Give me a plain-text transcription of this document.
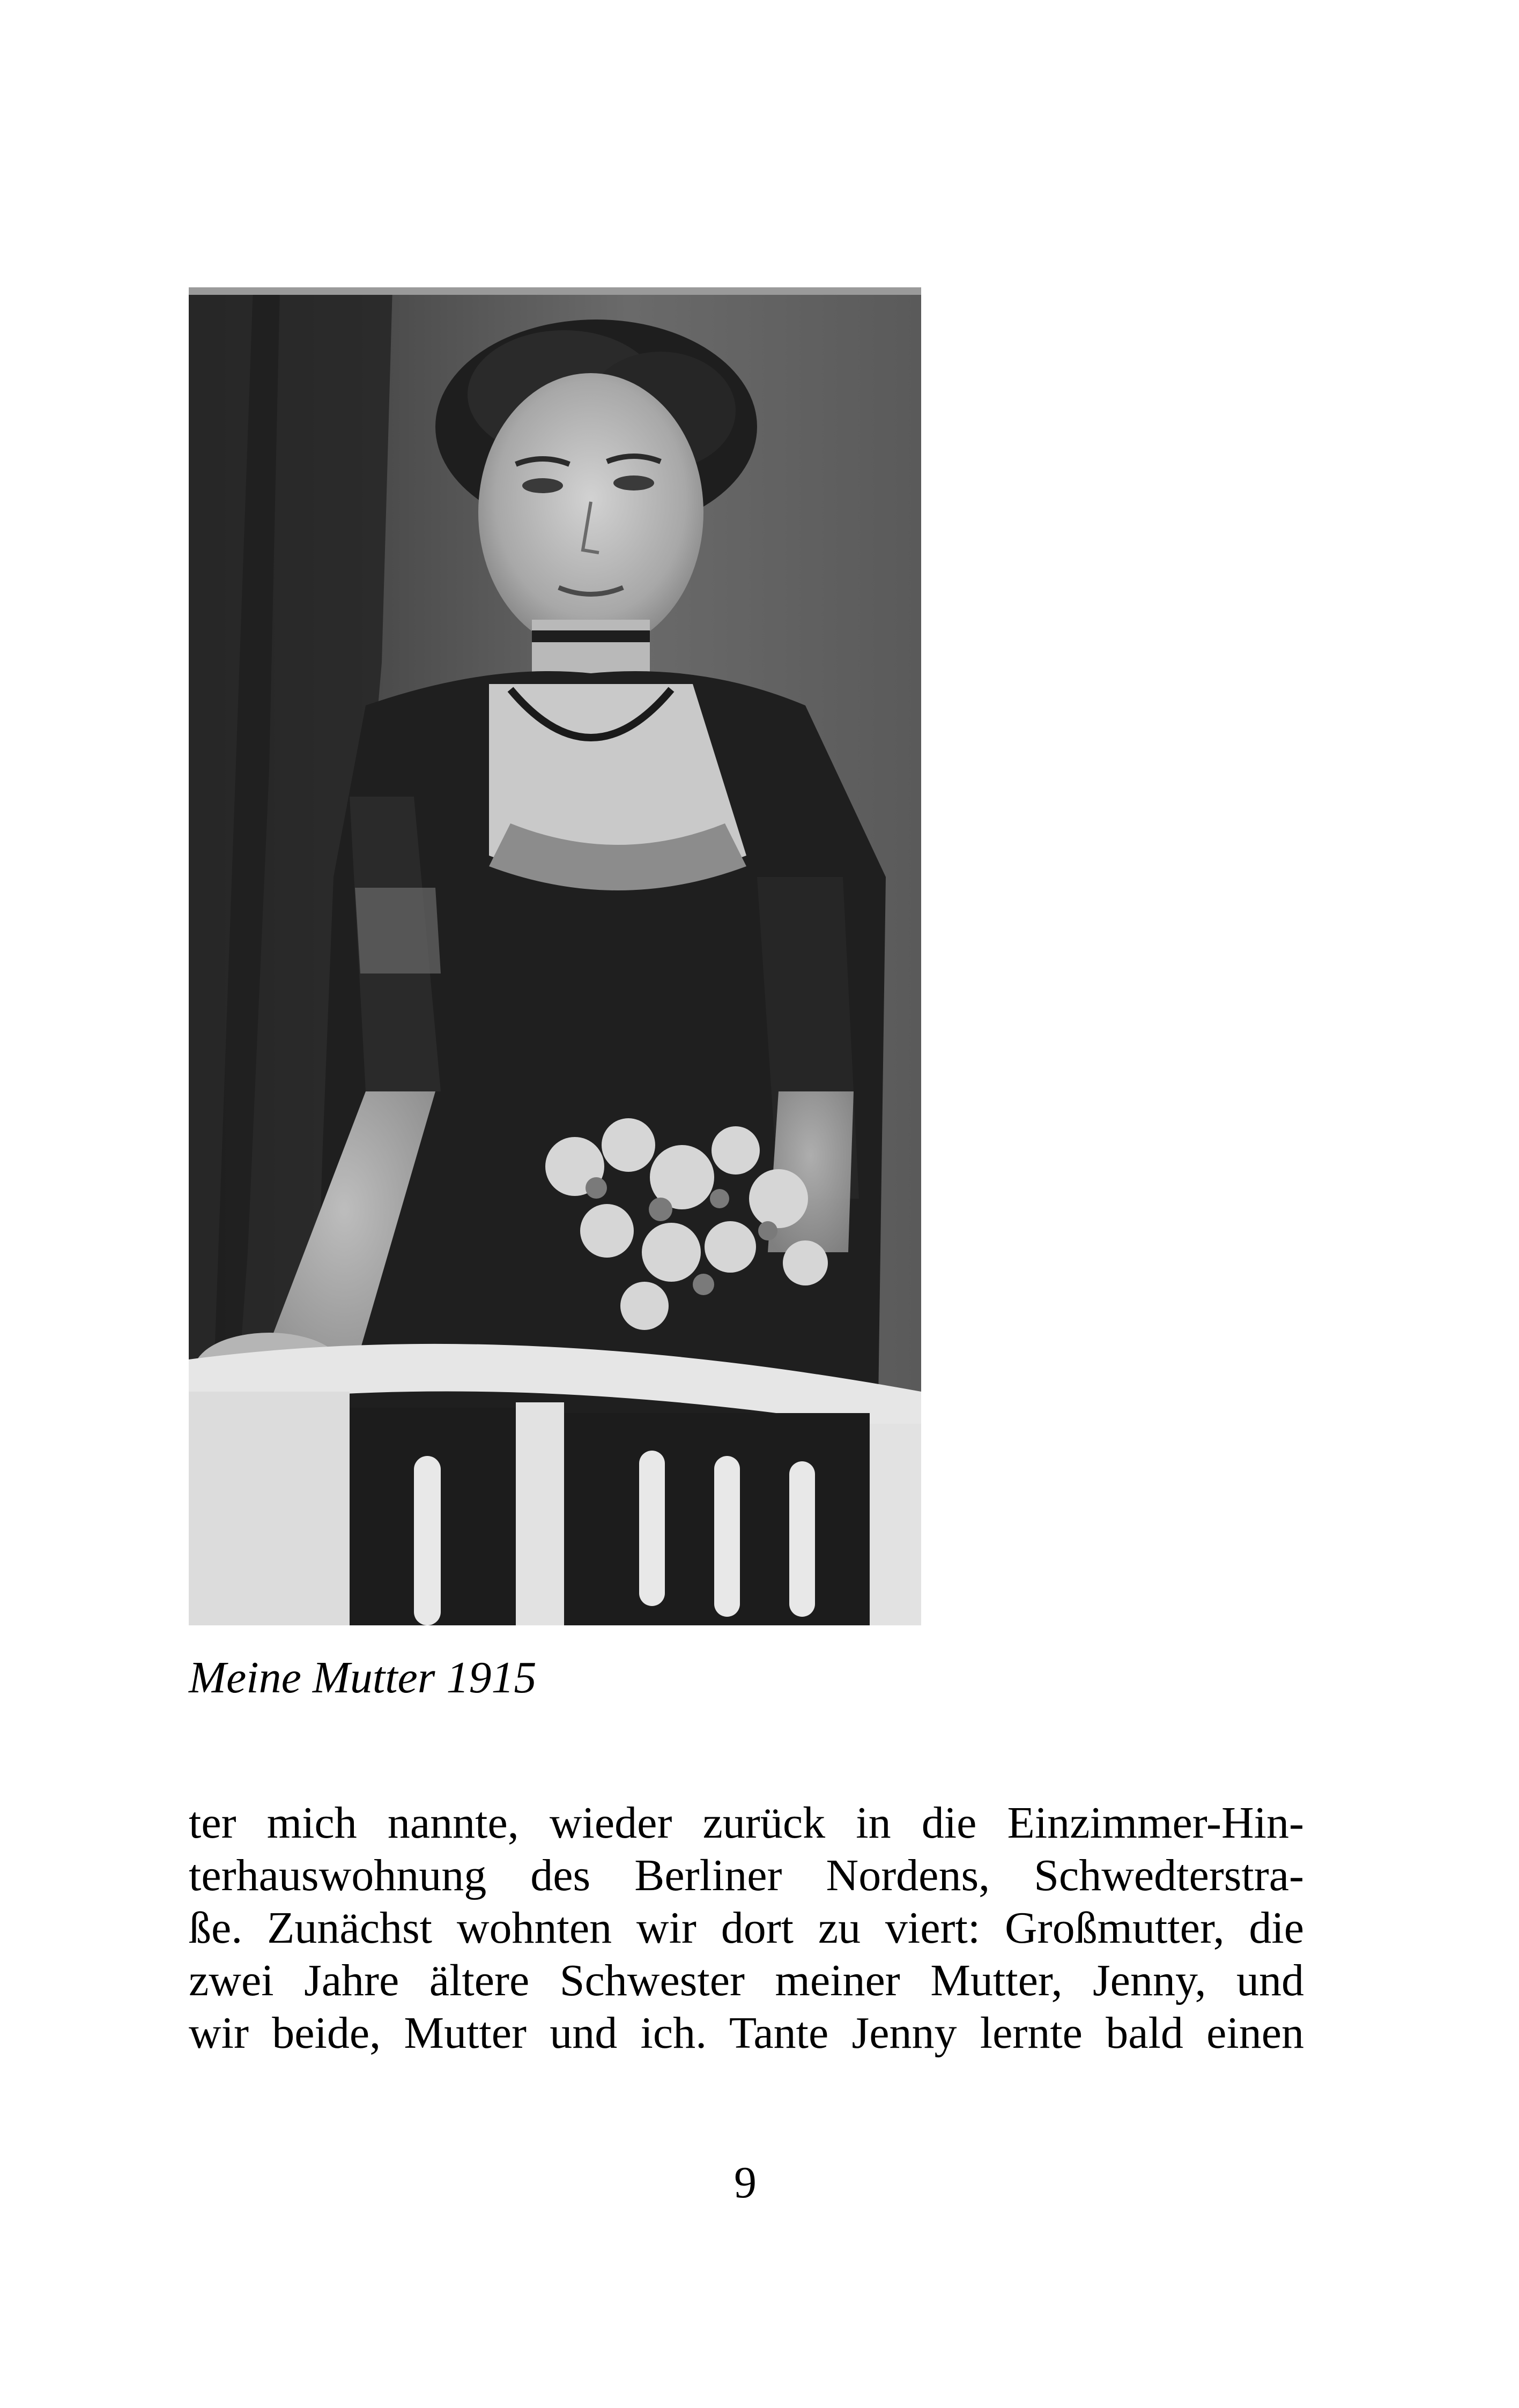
Meine Mutter 1915
ter mich nannte, wieder zurück in die Einzimmer-Hin-
terhauswohnung des Berliner Nordens, Schwedterstra-
ße. Zunächst wohnten wir dort zu viert: Großmutter, die
zwei Jahre ältere Schwester meiner Mutter, Jenny, und
wir beide, Mutter und ich. Tante Jenny lernte bald einen
9
